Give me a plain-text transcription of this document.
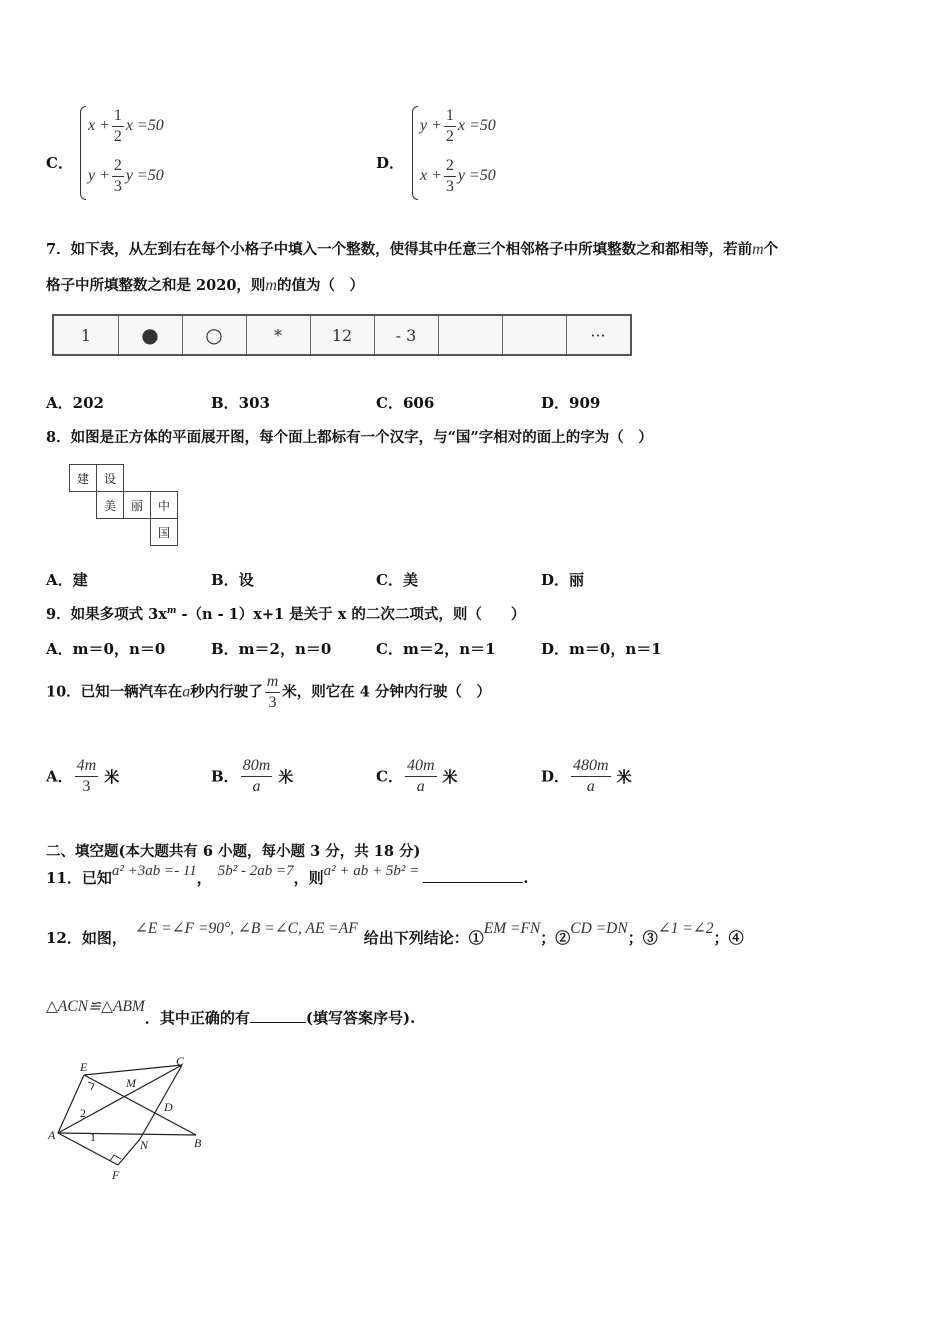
C．
$x + \frac{1}{2}$ x =50
$y + \frac{2}{3}$ y =50
D．
$y + \frac{1}{2}$ x =50
$x + \frac{2}{3}$ y =50
7．如下表，从左到右在每个小格子中填入一个整数，使得其中任意三个相邻格子中所填整数之和都相等，若前m个
格子中所填整数之和是 2020，则m的值为（　）
1	●	○	*	12	- 3	···
A．202	B．303	C．606	D．909
8．如图是正方体的平面展开图，每个面上都标有一个汉字，与“国”字相对的面上的字为（　）
建	设		
	美	丽	中
			国
A．建	B．设	C．美	D．丽
9．如果多项式 $3x^m$ -（n - 1）x+1 是关于 x 的二次二项式，则（　　）
A．m＝0，n＝0	B．m＝2，n＝0	C．m＝2，n＝1	D．m＝0，n＝1
10．已知一辆汽车在a秒内行驶了 $\frac{m}{3}$ 米，则它在 4 分钟内行驶（　）
A． $\frac{4m}{3}$ 米	B． $\frac{80m}{a}$ 米	C． $\frac{40m}{a}$ 米	D． $\frac{480m}{a}$ 米
二、填空题(本大题共有 6 小题，每小题 3 分，共 18 分)
11．已知a² +3ab =- 11， 5b² - 2ab =7，则a² + ab + 5b² =	.
12．如图，∠E =∠F =90°, ∠B =∠C, AE =AF给出下列结论：①EM =FN；②CD =DN；③∠1 =∠2；④
△ACN≌△ABM．其中正确的有	(填写答案序号).
E
M
C
2	D
A	1
N	B
F
